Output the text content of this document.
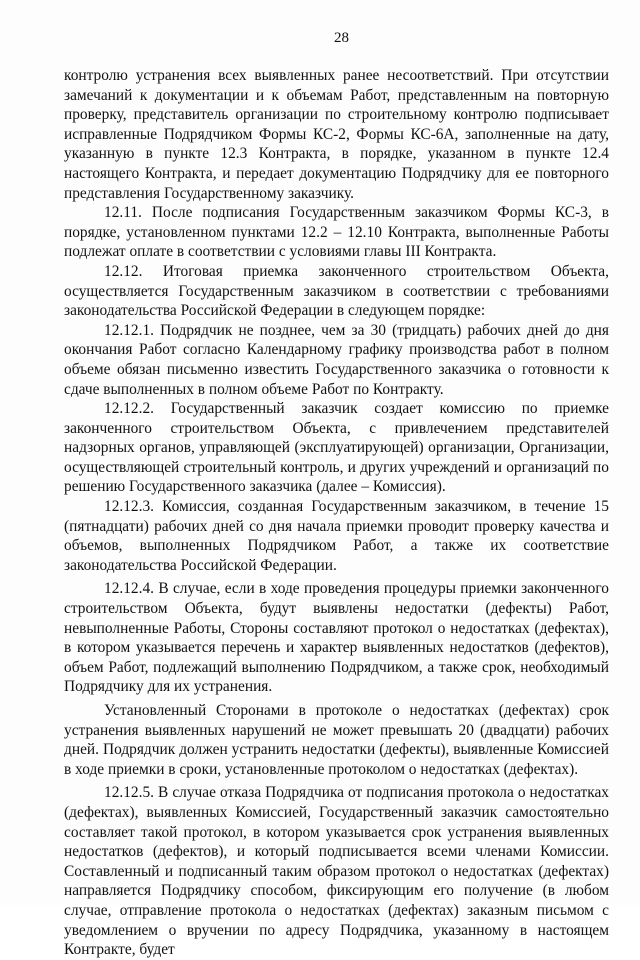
28

контролю устранения всех выявленных ранее несоответствий. При отсутствии замечаний к документации и к объемам Работ, представленным на повторную проверку, представитель организации по строительному контролю подписывает исправленные Подрядчиком Формы КС-2, Формы КС-6А, заполненные на дату, указанную в пункте 12.3 Контракта, в порядке, указанном в пункте 12.4 настоящего Контракта, и передает документацию Подрядчику для ее повторного представления Государственному заказчику.

12.11. После подписания Государственным заказчиком Формы КС-3, в порядке, установленном пунктами 12.2 – 12.10 Контракта, выполненные Работы подлежат оплате в соответствии с условиями главы III Контракта.

12.12. Итоговая приемка законченного строительством Объекта, осуществляется Государственным заказчиком в соответствии с требованиями законодательства Российской Федерации в следующем порядке:

12.12.1. Подрядчик не позднее, чем за 30 (тридцать) рабочих дней до дня окончания Работ согласно Календарному графику производства работ в полном объеме обязан письменно известить Государственного заказчика о готовности к сдаче выполненных в полном объеме Работ по Контракту.

12.12.2. Государственный заказчик создает комиссию по приемке законченного строительством Объекта, с привлечением представителей надзорных органов, управляющей (эксплуатирующей) организации, Организации, осуществляющей строительный контроль, и других учреждений и организаций по решению Государственного заказчика (далее – Комиссия).

12.12.3. Комиссия, созданная Государственным заказчиком, в течение 15 (пятнадцати) рабочих дней со дня начала приемки проводит проверку качества и объемов, выполненных Подрядчиком Работ, а также их соответствие законодательства Российской Федерации.

12.12.4. В случае, если в ходе проведения процедуры приемки законченного строительством Объекта, будут выявлены недостатки (дефекты) Работ, невыполненные Работы, Стороны составляют протокол о недостатках (дефектах), в котором указывается перечень и характер выявленных недостатков (дефектов), объем Работ, подлежащий выполнению Подрядчиком, а также срок, необходимый Подрядчику для их устранения.

Установленный Сторонами в протоколе о недостатках (дефектах) срок устранения выявленных нарушений не может превышать 20 (двадцати) рабочих дней. Подрядчик должен устранить недостатки (дефекты), выявленные Комиссией в ходе приемки в сроки, установленные протоколом о недостатках (дефектах).

12.12.5. В случае отказа Подрядчика от подписания протокола о недостатках (дефектах), выявленных Комиссией, Государственный заказчик самостоятельно составляет такой протокол, в котором указывается срок устранения выявленных недостатков (дефектов), и который подписывается всеми членами Комиссии. Составленный и подписанный таким образом протокол о недостатках (дефектах) направляется Подрядчику способом, фиксирующим его получение (в любом случае, отправление протокола о недостатках (дефектах) заказным письмом с уведомлением о вручении по адресу Подрядчика, указанному в настоящем Контракте, будет
